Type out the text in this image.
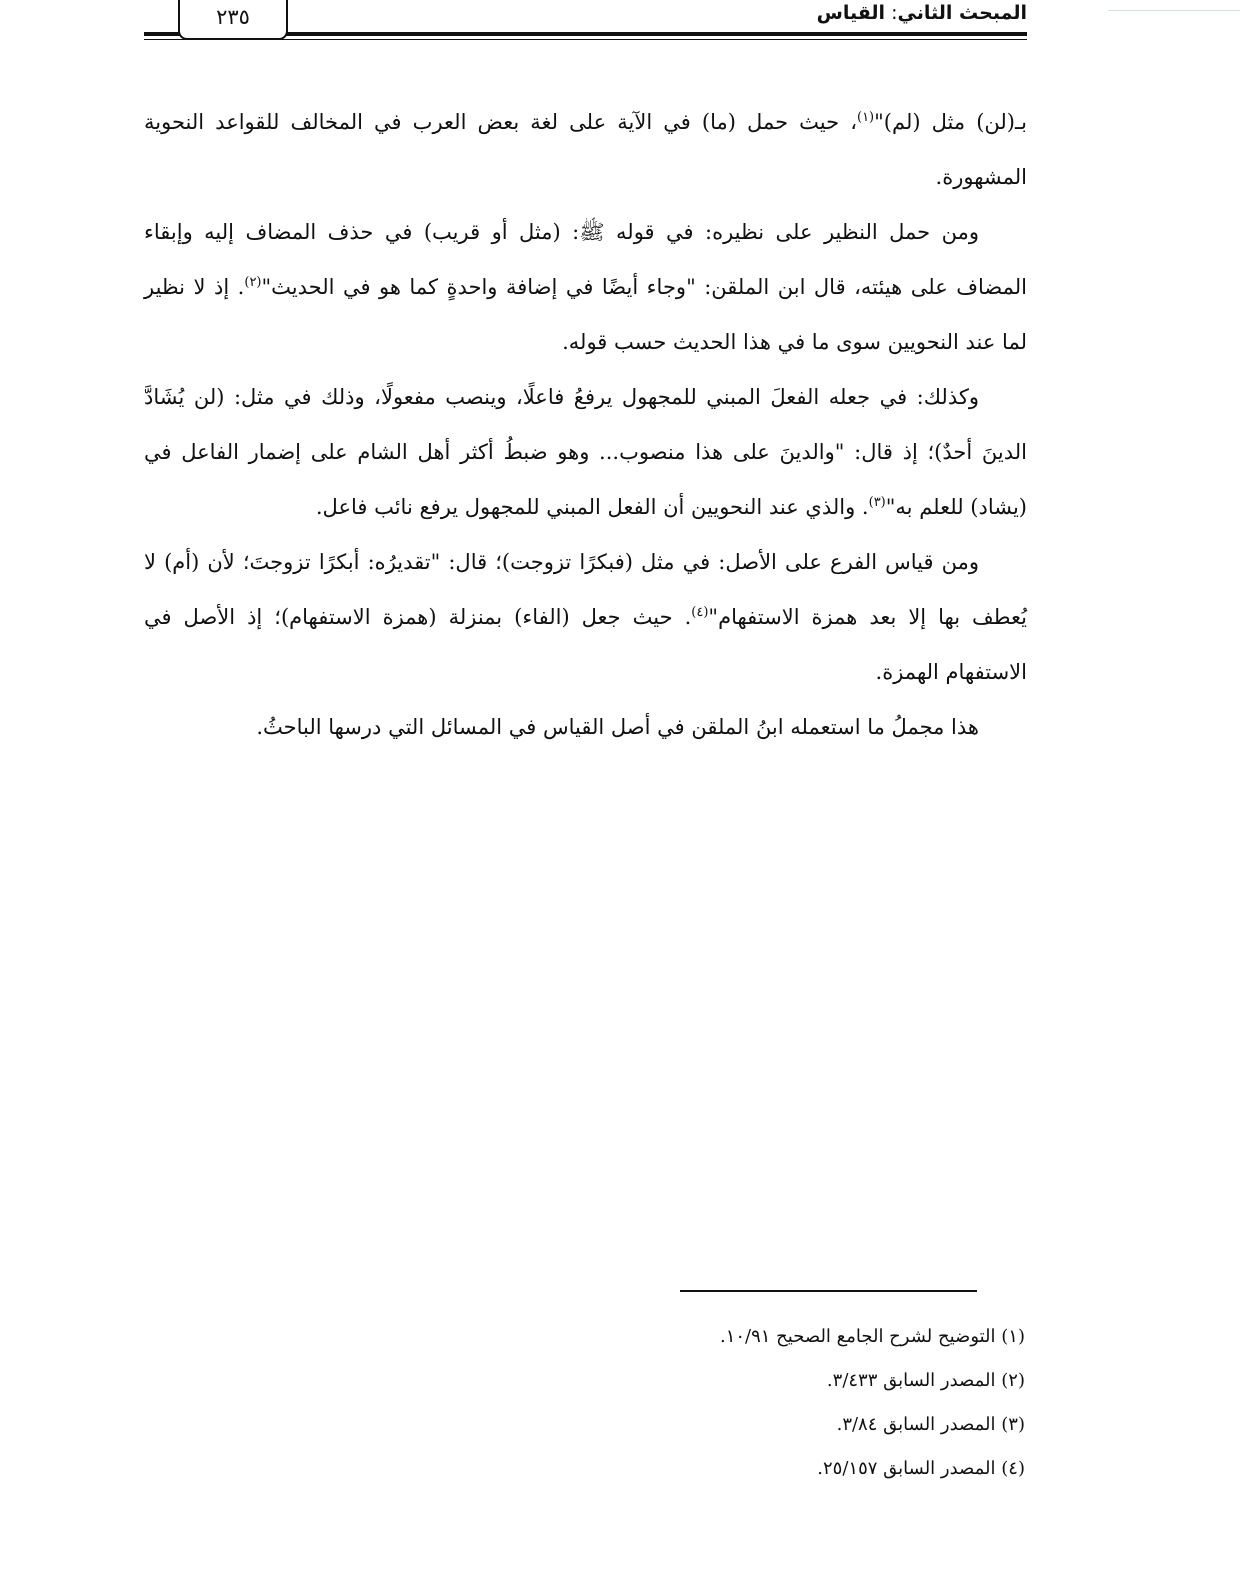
٢٣٥	المبحث الثاني: القياس

بـ(لن) مثل (لم)"$^{(١)}$، حيث حمل (ما) في الآية على لغة بعض العرب في المخالف للقواعد النحوية المشهورة.

ومن حمل النظير على نظيره: في قوله ﷺ: (مثل أو قريب) في حذف المضاف إليه وإبقاء المضاف على هيئته، قال ابن الملقن: "وجاء أيضًا في إضافة واحدةٍ كما هو في الحديث"$^{(٢)}$. إذ لا نظير لما عند النحويين سوى ما في هذا الحديث حسب قوله.

وكذلك: في جعله الفعلَ المبني للمجهول يرفعُ فاعلًا، وينصب مفعولًا، وذلك في مثل: (لن يُشَادَّ الدينَ أحدٌ)؛ إذ قال: "والدينَ على هذا منصوب... وهو ضبطُ أكثر أهل الشام على إضمار الفاعل في (يشاد) للعلم به"$^{(٣)}$. والذي عند النحويين أن الفعل المبني للمجهول يرفع نائب فاعل.

ومن قياس الفرع على الأصل: في مثل (فبكرًا تزوجت)؛ قال: "تقديرُه: أبكرًا تزوجتَ؛ لأن (أم) لا يُعطف بها إلا بعد همزة الاستفهام"$^{(٤)}$. حيث جعل (الفاء) بمنزلة (همزة الاستفهام)؛ إذ الأصل في الاستفهام الهمزة.

هذا مجملُ ما استعمله ابنُ الملقن في أصل القياس في المسائل التي درسها الباحثُ.

(١) التوضيح لشرح الجامع الصحيح ١٠/٩١.
(٢) المصدر السابق ٣/٤٣٣.
(٣) المصدر السابق ٣/٨٤.
(٤) المصدر السابق ٢٥/١٥٧.
